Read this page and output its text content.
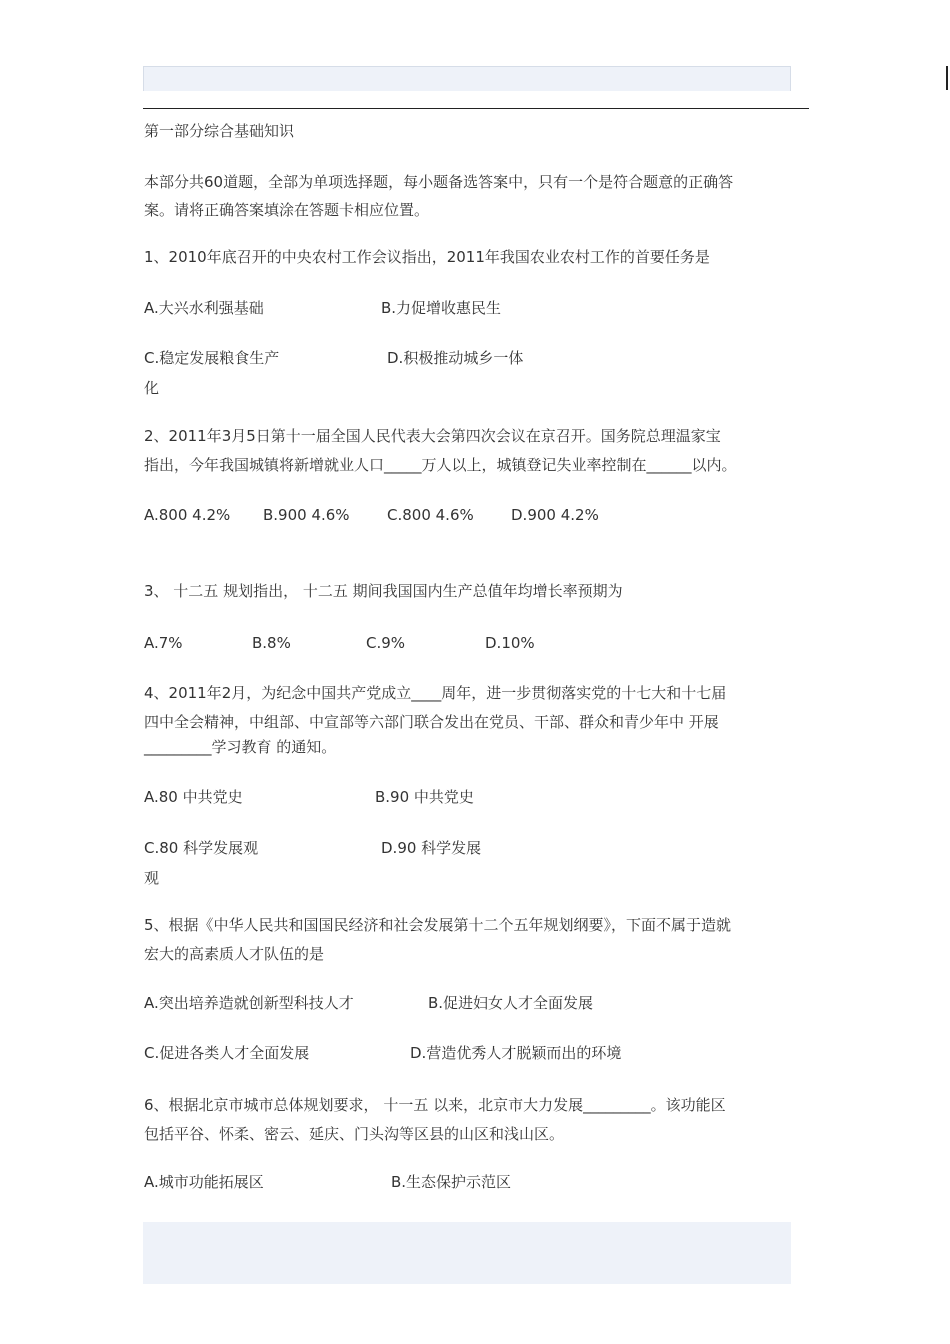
第一部分综合基础知识
本部分共60道题，全部为单项选择题，每小题备选答案中，只有一个是符合题意的正确答
案。请将正确答案填涂在答题卡相应位置。
1、2010年底召开的中央农村工作会议指出，2011年我国农业农村工作的首要任务是
A.大兴水利强基础	B.力促增收惠民生
C.稳定发展粮食生产	D.积极推动城乡一体
化
2、2011年3月5日第十一届全国人民代表大会第四次会议在京召开。国务院总理温家宝
指出，今年我国城镇将新增就业人口_____万人以上，城镇登记失业率控制在______以内。
A.800 4.2% B.900 4.6% C.800 4.6% D.900 4.2%
3、 十二五 规划指出， 十二五 期间我国国内生产总值年均增长率预期为
A.7%	B.8%	C.9%	D.10%
4、2011年2月，为纪念中国共产党成立____周年，进一步贯彻落实党的十七大和十七届
四中全会精神，中组部、中宣部等六部门联合发出在党员、干部、群众和青少年中 开展
_________学习教育 的通知。
A.80 中共党史	B.90 中共党史
C.80 科学发展观	D.90 科学发展
观
5、根据《中华人民共和国国民经济和社会发展第十二个五年规划纲要》，下面不属于造就
宏大的高素质人才队伍的是
A.突出培养造就创新型科技人才	B.促进妇女人才全面发展
C.促进各类人才全面发展	D.营造优秀人才脱颖而出的环境
6、根据北京市城市总体规划要求， 十一五 以来，北京市大力发展_________。该功能区
包括平谷、怀柔、密云、延庆、门头沟等区县的山区和浅山区。
A.城市功能拓展区	B.生态保护示范区
